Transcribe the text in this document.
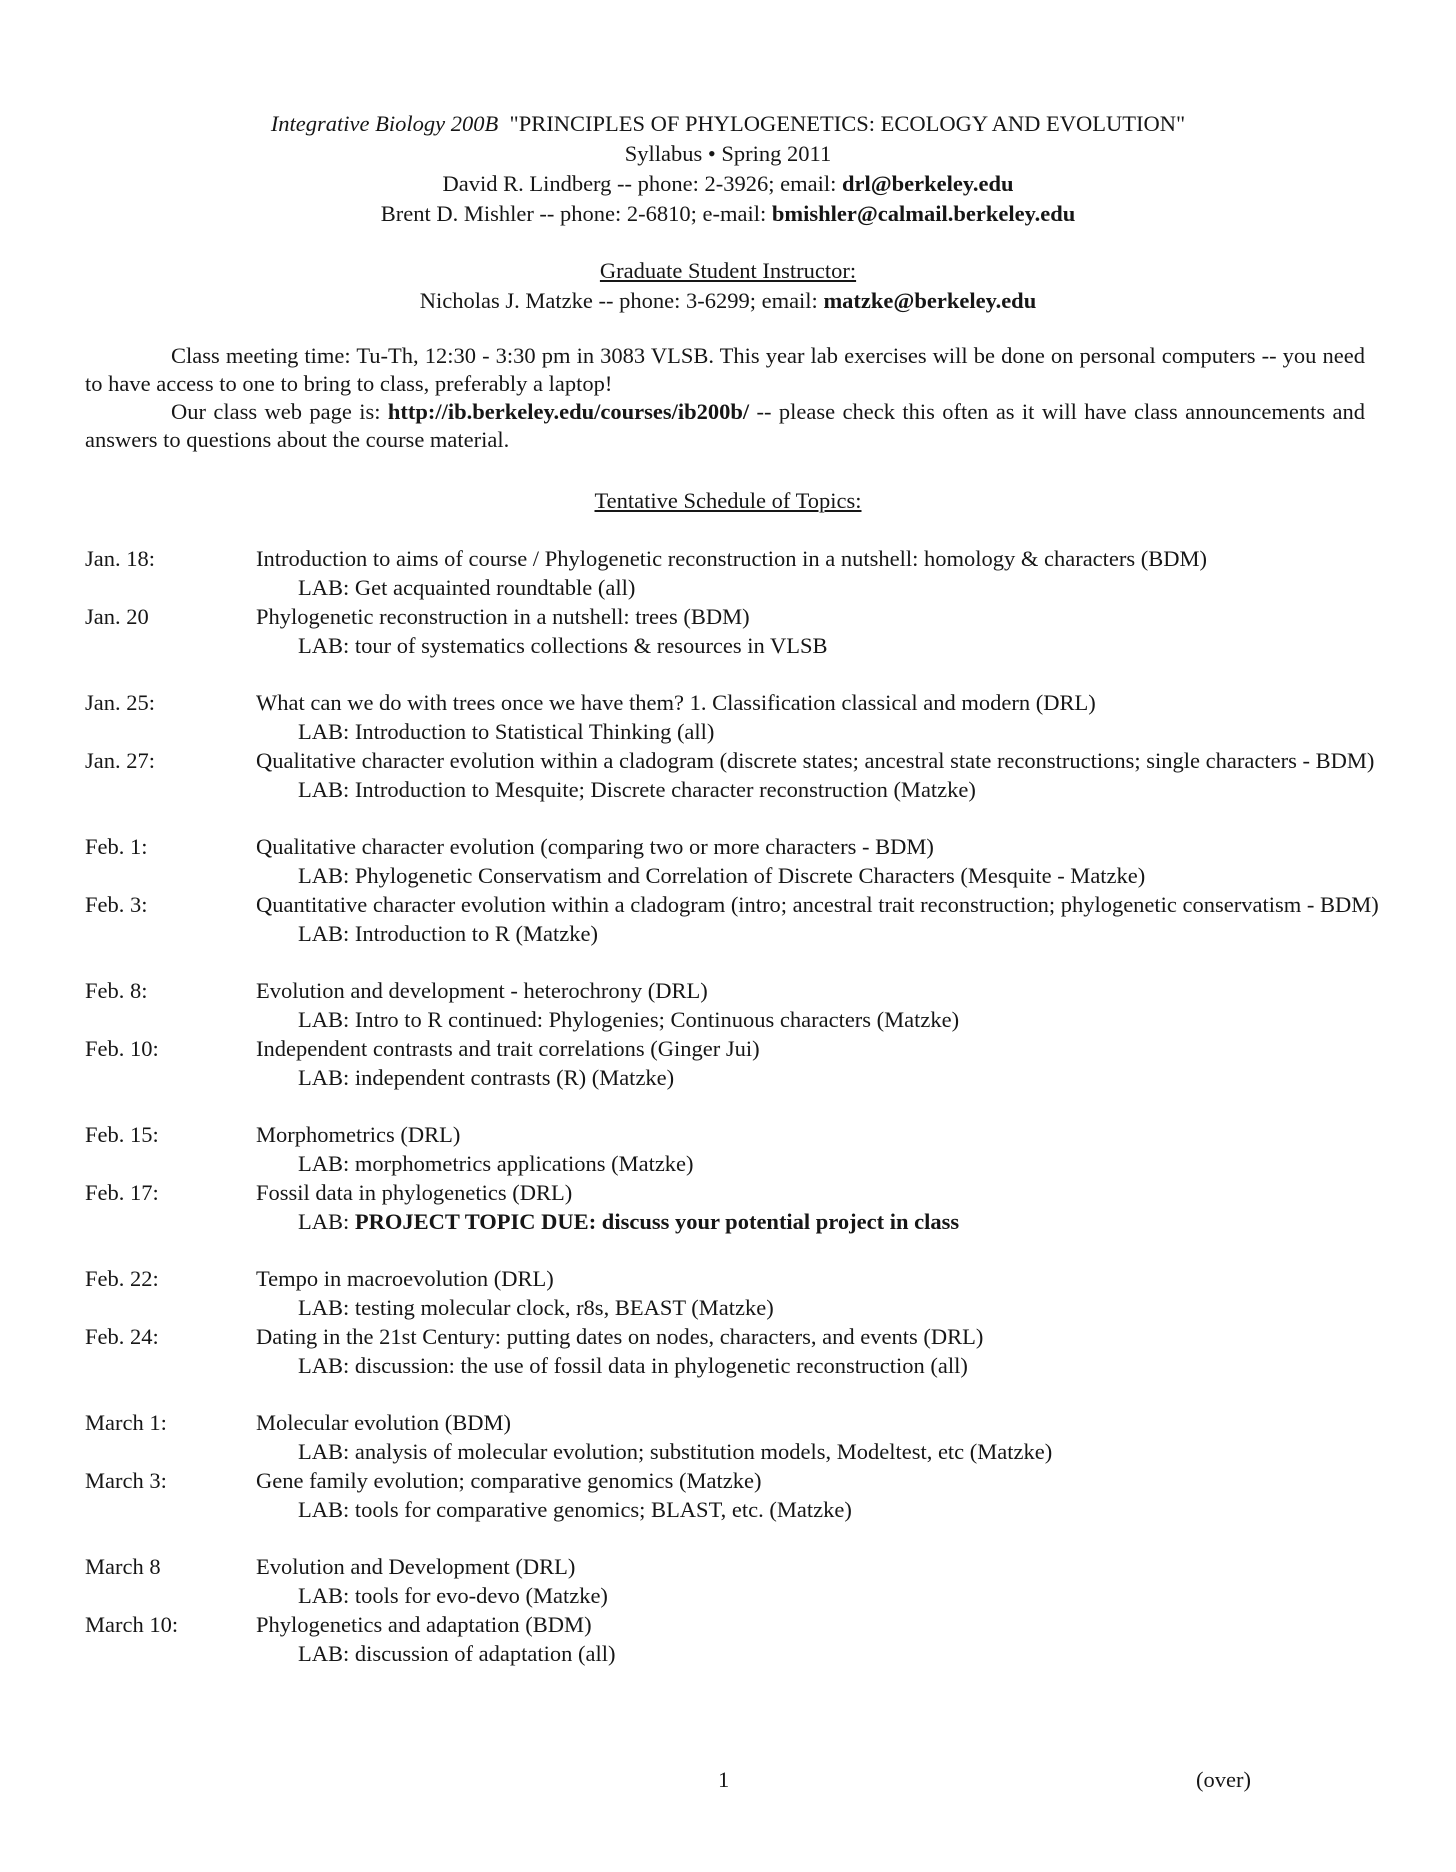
Integrative Biology 200B "PRINCIPLES OF PHYLOGENETICS: ECOLOGY AND EVOLUTION"
Syllabus • Spring 2011
David R. Lindberg -- phone: 2-3926; email: drl@berkeley.edu
Brent D. Mishler -- phone: 2-6810; e-mail: bmishler@calmail.berkeley.edu
Graduate Student Instructor:
Nicholas J. Matzke -- phone: 3-6299; email: matzke@berkeley.edu

Class meeting time: Tu-Th, 12:30 - 3:30 pm in 3083 VLSB. This year lab exercises will be done on personal computers -- you need to have access to one to bring to class, preferably a laptop!

Our class web page is: http://ib.berkeley.edu/courses/ib200b/ -- please check this often as it will have class announcements and answers to questions about the course material.

Tentative Schedule of Topics:
Jan. 18:	Introduction to aims of course / Phylogenetic reconstruction in a nutshell: homology & characters (BDM)
LAB: Get acquainted roundtable (all)
Jan. 20	Phylogenetic reconstruction in a nutshell: trees (BDM)
LAB: tour of systematics collections & resources in VLSB
Jan. 25:	What can we do with trees once we have them? 1. Classification classical and modern (DRL)
LAB: Introduction to Statistical Thinking (all)
Jan. 27:	Qualitative character evolution within a cladogram (discrete states; ancestral state reconstructions; single characters - BDM)
LAB: Introduction to Mesquite; Discrete character reconstruction (Matzke)
Feb. 1:	Qualitative character evolution (comparing two or more characters - BDM)
LAB: Phylogenetic Conservatism and Correlation of Discrete Characters (Mesquite - Matzke)
Feb. 3:	Quantitative character evolution within a cladogram (intro; ancestral trait reconstruction; phylogenetic conservatism - BDM)
LAB: Introduction to R (Matzke)
Feb. 8:	Evolution and development - heterochrony (DRL)
LAB: Intro to R continued: Phylogenies; Continuous characters (Matzke)
Feb. 10:	Independent contrasts and trait correlations (Ginger Jui)
LAB: independent contrasts (R) (Matzke)
Feb. 15:	Morphometrics (DRL)
LAB: morphometrics applications (Matzke)
Feb. 17:	Fossil data in phylogenetics (DRL)
LAB: PROJECT TOPIC DUE: discuss your potential project in class
Feb. 22:	Tempo in macroevolution (DRL)
LAB: testing molecular clock, r8s, BEAST (Matzke)
Feb. 24:	Dating in the 21st Century: putting dates on nodes, characters, and events (DRL)
LAB: discussion: the use of fossil data in phylogenetic reconstruction (all)
March 1:	Molecular evolution (BDM)
LAB: analysis of molecular evolution; substitution models, Modeltest, etc (Matzke)
March 3:	Gene family evolution; comparative genomics (Matzke)
LAB: tools for comparative genomics; BLAST, etc. (Matzke)
March 8	Evolution and Development (DRL)
LAB: tools for evo-devo (Matzke)
March 10:	Phylogenetics and adaptation (BDM)
LAB: discussion of adaptation (all)
1	(over)
